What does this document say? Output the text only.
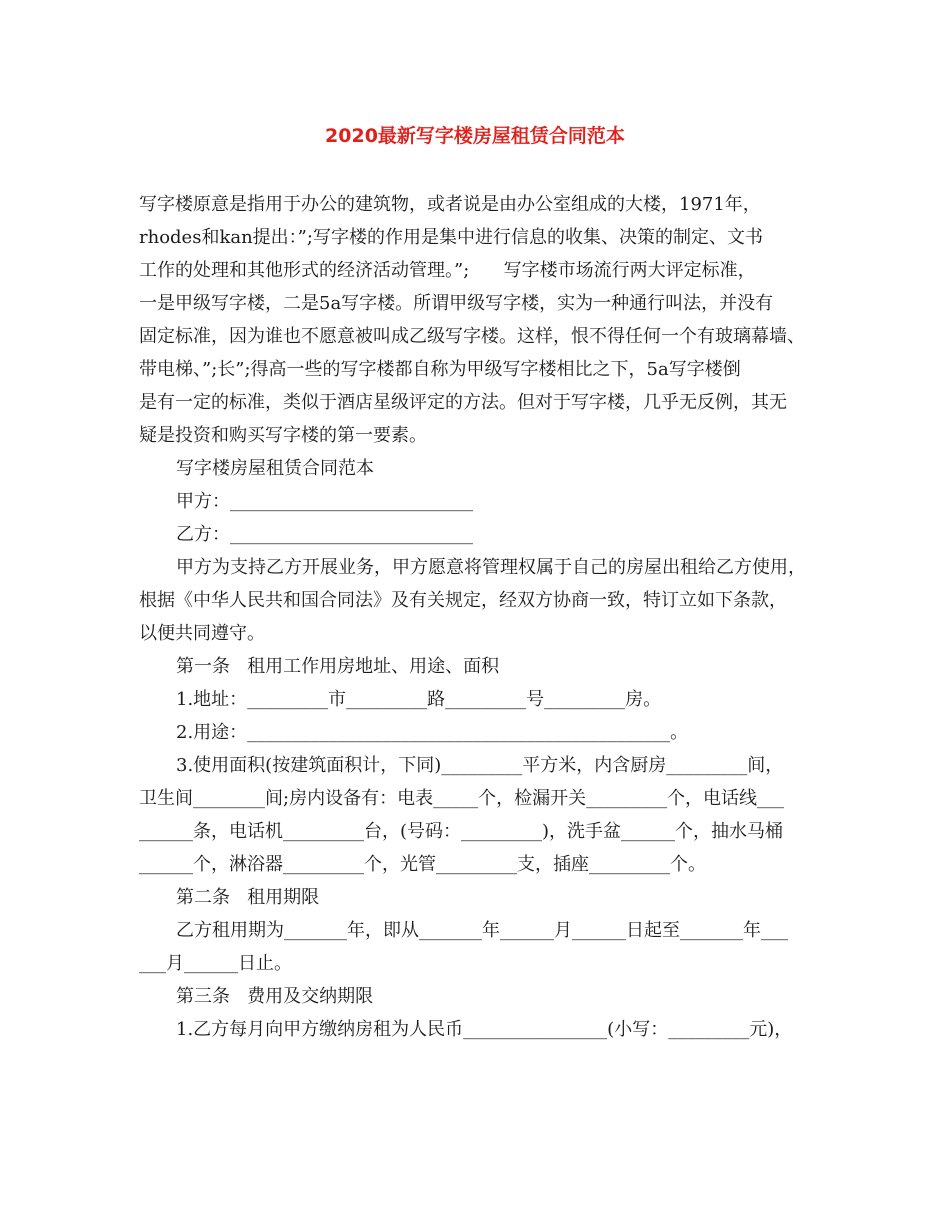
2020最新写字楼房屋租赁合同范本
写字楼原意是指用于办公的建筑物，或者说是由办公室组成的大楼，1971年，
rhodes和kan提出：”;写字楼的作用是集中进行信息的收集、决策的制定、文书
工作的处理和其他形式的经济活动管理。”;      写字楼市场流行两大评定标准，
一是甲级写字楼，二是5a写字楼。所谓甲级写字楼，实为一种通行叫法，并没有
固定标准，因为谁也不愿意被叫成乙级写字楼。这样，恨不得任何一个有玻璃幕墙、
带电梯、”;长”;得高一些的写字楼都自称为甲级写字楼相比之下，5a写字楼倒
是有一定的标准，类似于酒店星级评定的方法。但对于写字楼，几乎无反例，其无
疑是投资和购买写字楼的第一要素。
写字楼房屋租赁合同范本
甲方：___________________________
乙方：___________________________
甲方为支持乙方开展业务，甲方愿意将管理权属于自己的房屋出租给乙方使用，
根据《中华人民共和国合同法》及有关规定，经双方协商一致，特订立如下条款，
以便共同遵守。
第一条   租用工作用房地址、用途、面积
1.地址：_________市_________路_________号_________房。
2.用途：_______________________________________________。
3.使用面积(按建筑面积计，下同)_________平方米，内含厨房_________间，
卫生间________间;房内设备有：电表_____个，检漏开关_________个，电话线___
______条，电话机_________台，(号码：_________)，洗手盆______个，抽水马桶
______个，淋浴器_________个，光管_________支，插座_________个。
第二条   租用期限
乙方租用期为_______年，即从_______年______月______日起至_______年___
___月______日止。
第三条   费用及交纳期限
1.乙方每月向甲方缴纳房租为人民币________________(小写：_________元)，
